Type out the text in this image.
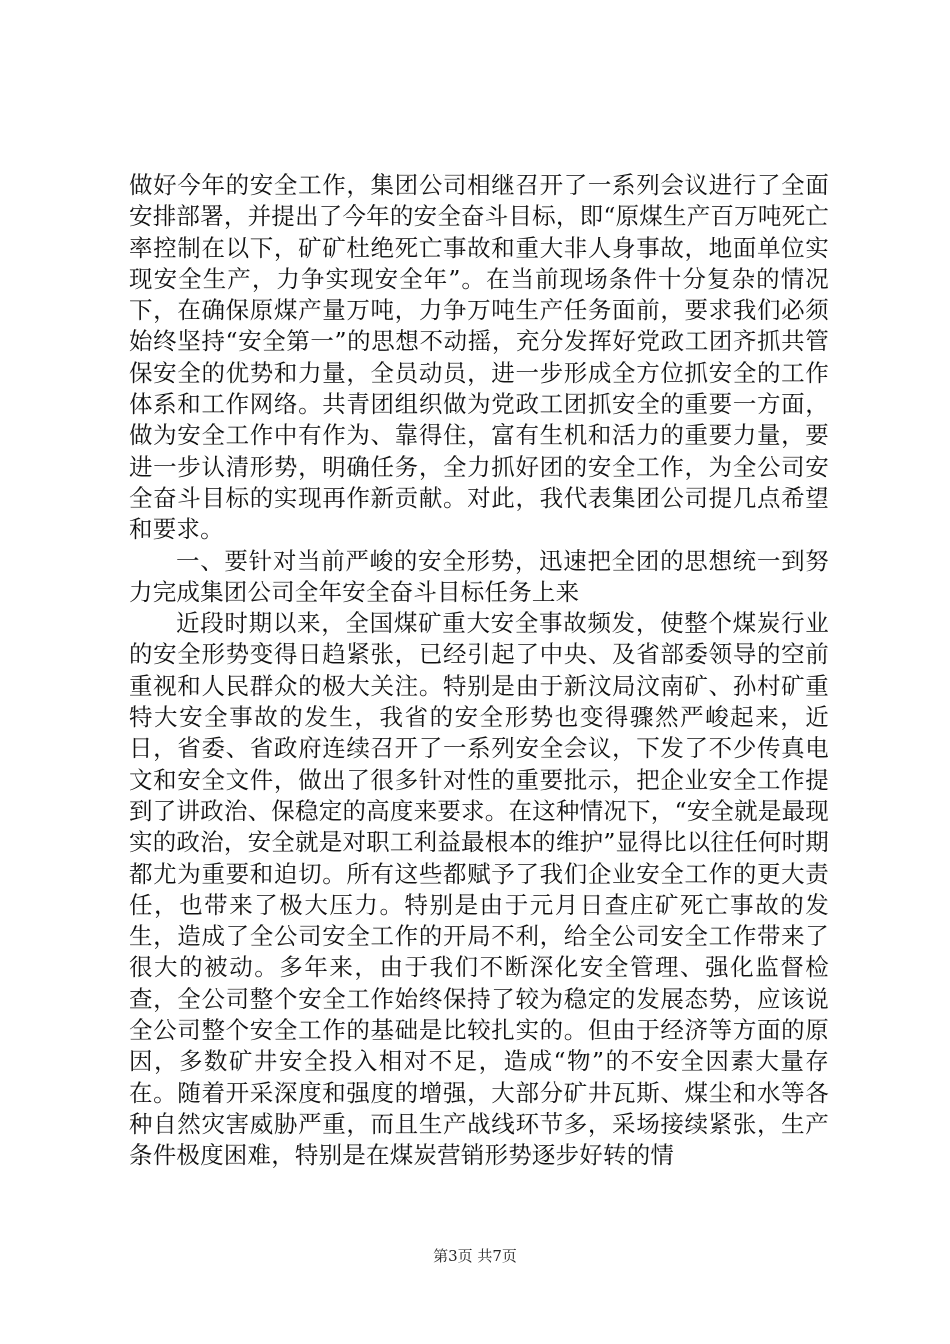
做好今年的安全工作，集团公司相继召开了一系列会议进行了全面安排部署，并提出了今年的安全奋斗目标，即“原煤生产百万吨死亡率控制在以下，矿矿杜绝死亡事故和重大非人身事故，地面单位实现安全生产，力争实现安全年”。在当前现场条件十分复杂的情况下，在确保原煤产量万吨，力争万吨生产任务面前，要求我们必须始终坚持“安全第一”的思想不动摇，充分发挥好党政工团齐抓共管保安全的优势和力量，全员动员，进一步形成全方位抓安全的工作体系和工作网络。共青团组织做为党政工团抓安全的重要一方面，做为安全工作中有作为、靠得住，富有生机和活力的重要力量，要进一步认清形势，明确任务，全力抓好团的安全工作，为全公司安全奋斗目标的实现再作新贡献。对此，我代表集团公司提几点希望和要求。

一、要针对当前严峻的安全形势，迅速把全团的思想统一到努力完成集团公司全年安全奋斗目标任务上来

近段时期以来，全国煤矿重大安全事故频发，使整个煤炭行业的安全形势变得日趋紧张，已经引起了中央、及省部委领导的空前重视和人民群众的极大关注。特别是由于新汶局汶南矿、孙村矿重特大安全事故的发生，我省的安全形势也变得骤然严峻起来，近日，省委、省政府连续召开了一系列安全会议，下发了不少传真电文和安全文件，做出了很多针对性的重要批示，把企业安全工作提到了讲政治、保稳定的高度来要求。在这种情况下，“安全就是最现实的政治，安全就是对职工利益最根本的维护”显得比以往任何时期都尤为重要和迫切。所有这些都赋予了我们企业安全工作的更大责任，也带来了极大压力。特别是由于元月日查庄矿死亡事故的发生，造成了全公司安全工作的开局不利，给全公司安全工作带来了很大的被动。多年来，由于我们不断深化安全管理、强化监督检查，全公司整个安全工作始终保持了较为稳定的发展态势，应该说全公司整个安全工作的基础是比较扎实的。但由于经济等方面的原因，多数矿井安全投入相对不足，造成“物”的不安全因素大量存在。随着开采深度和强度的增强，大部分矿井瓦斯、煤尘和水等各种自然灾害威胁严重，而且生产战线环节多，采场接续紧张，生产条件极度困难，特别是在煤炭营销形势逐步好转的情

第3页 共7页
